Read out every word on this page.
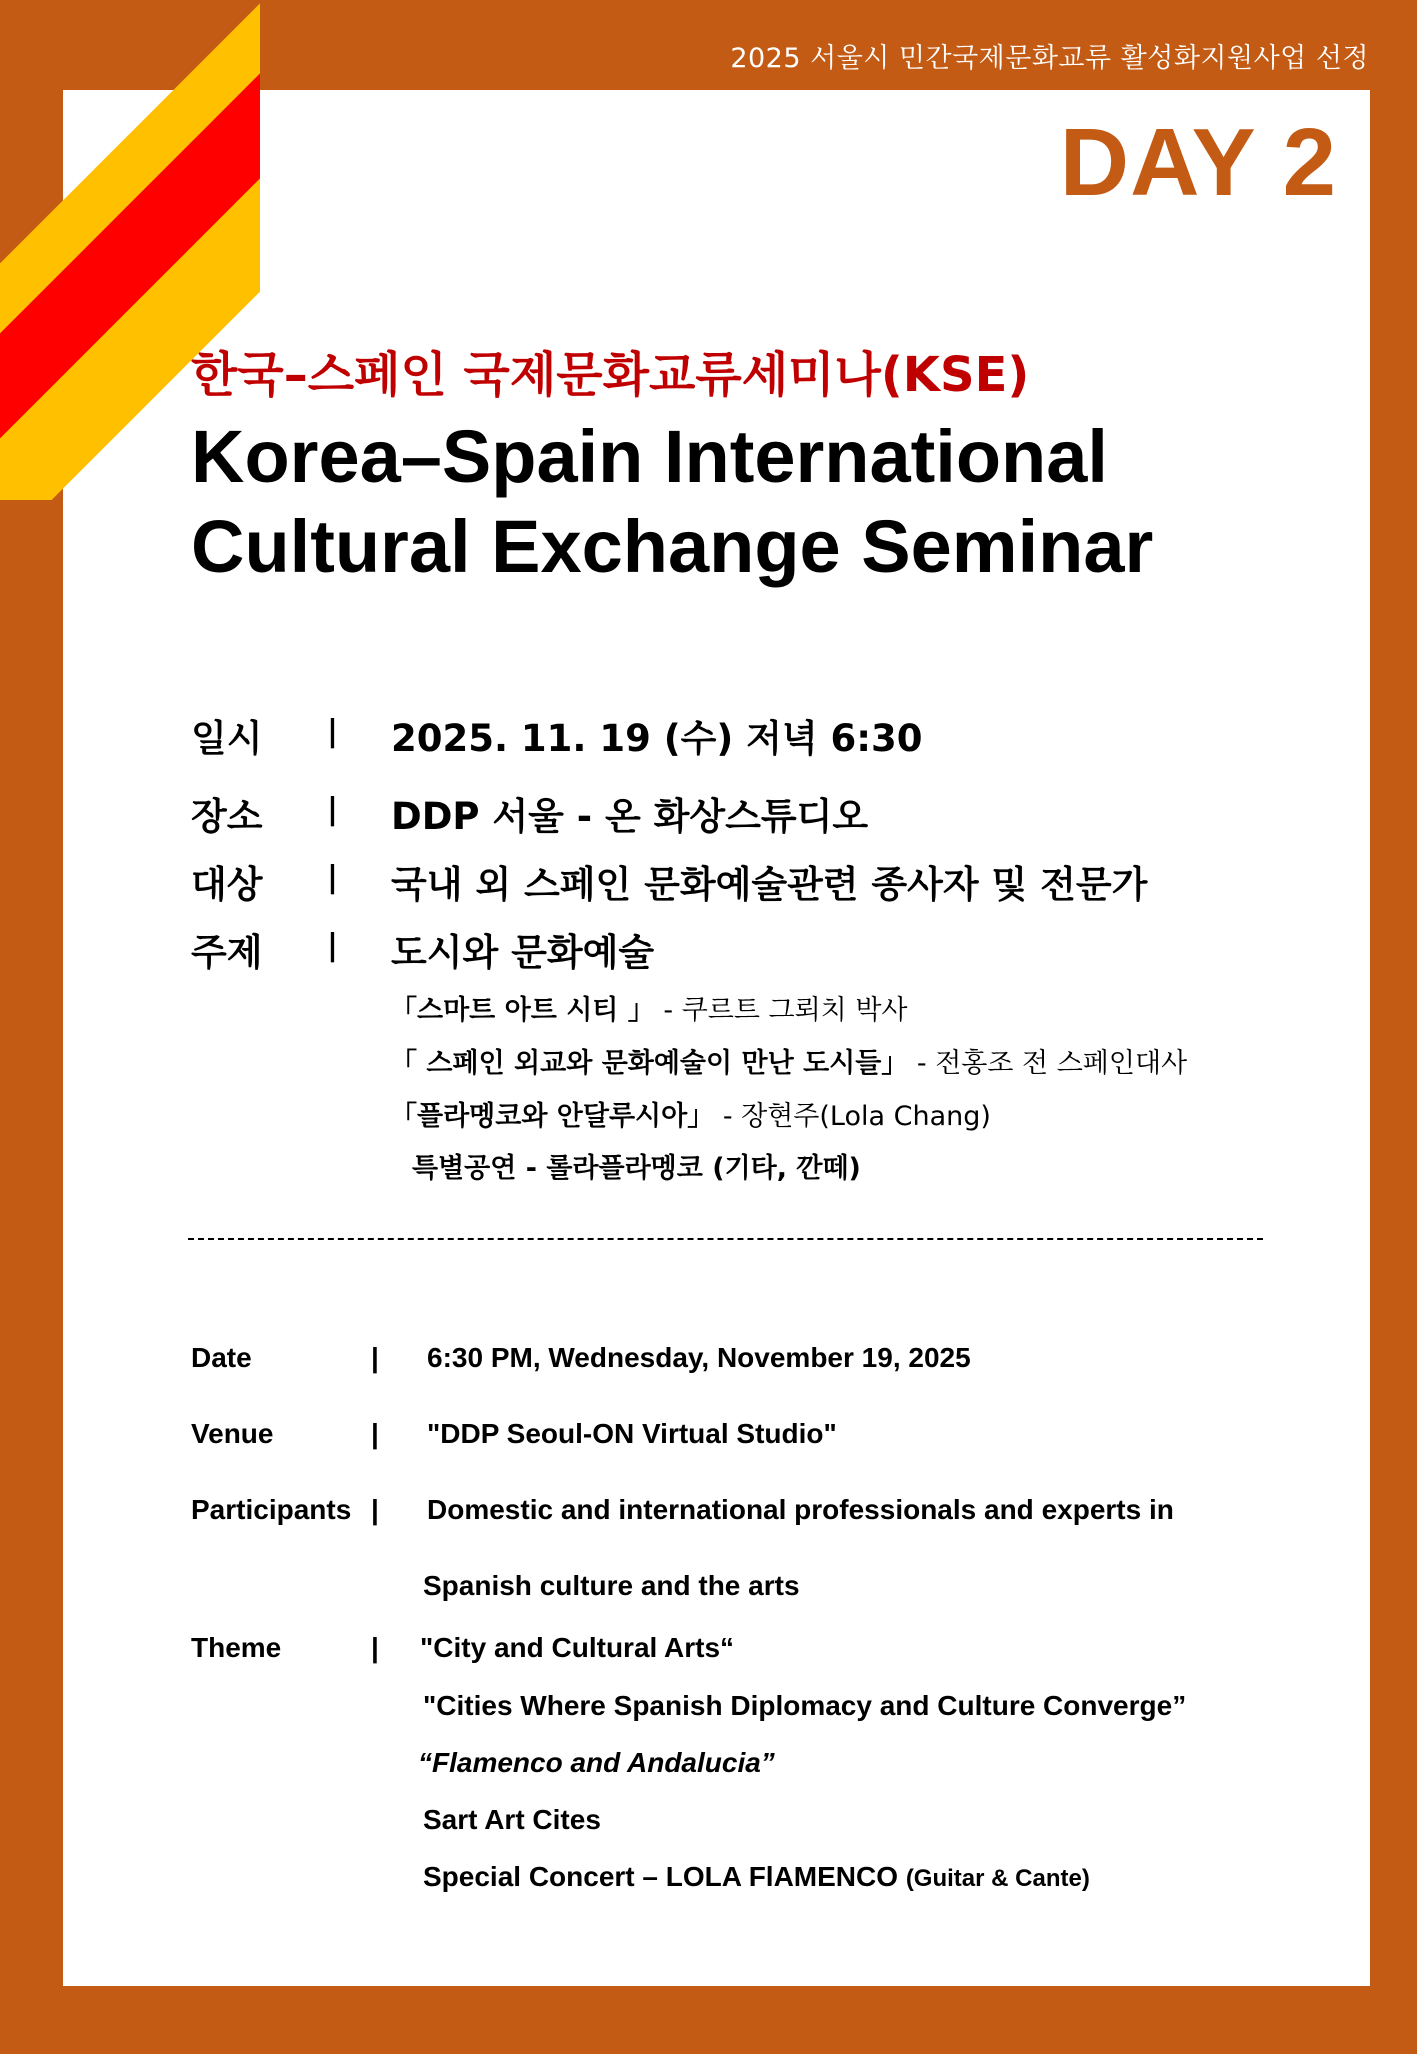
2025 서울시 민간국제문화교류 활성화지원사업 선정
DAY 2
한국–스페인 국제문화교류세미나(KSE)
Korea–Spain International
Cultural Exchange Seminar
일시 | 2025. 11. 19 (수) 저녁 6:30
장소 | DDP 서울 - 온 화상스튜디오
대상 | 국내 외 스페인 문화예술관련 종사자 및 전문가
주제 | 도시와 문화예술
「스마트 아트 시티 」 - 쿠르트 그뢰치 박사
「 스페인 외교와 문화예술이 만난 도시들」 - 전홍조 전 스페인대사
「플라멩코와 안달루시아」 - 장현주(Lola Chang)
특별공연 - 롤라플라멩코 (기타, 깐떼)
Date	| 6:30 PM, Wednesday, November 19, 2025
Venue	| "DDP Seoul-ON Virtual Studio"
Participants | Domestic and international professionals and experts in
Spanish culture and the arts
Theme	| "City and Cultural Arts“
"Cities Where Spanish Diplomacy and Culture Converge”
“Flamenco and Andalucia”
Sart Art Cites
Special Concert – LOLA FlAMENCO (Guitar & Cante)
